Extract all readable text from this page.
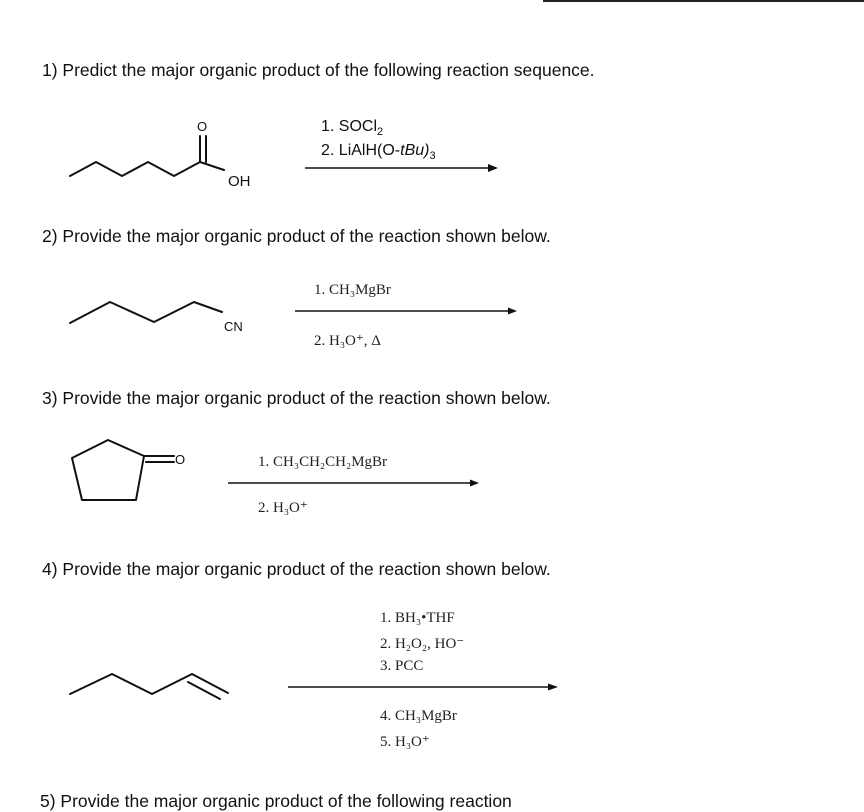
1) Predict the major organic product of the following reaction sequence.
O
OH
CN
O
1. SOCl$_2$
2. $LiAlH(O-tBu)_3$
2) Provide the major organic product of the reaction shown below.
1. CH₃MgBr
2. H₃O⁺, Δ
3) Provide the major organic product of the reaction shown below.
1. CH₃CH₂CH₂MgBr
2. H₃O⁺
4) Provide the major organic product of the reaction shown below.
1. BH₃•THF
2. H₂O₂, HO⁻
3. PCC
4. CH₃MgBr
5. H₃O⁺
5) Provide the major organic product of the following reaction
